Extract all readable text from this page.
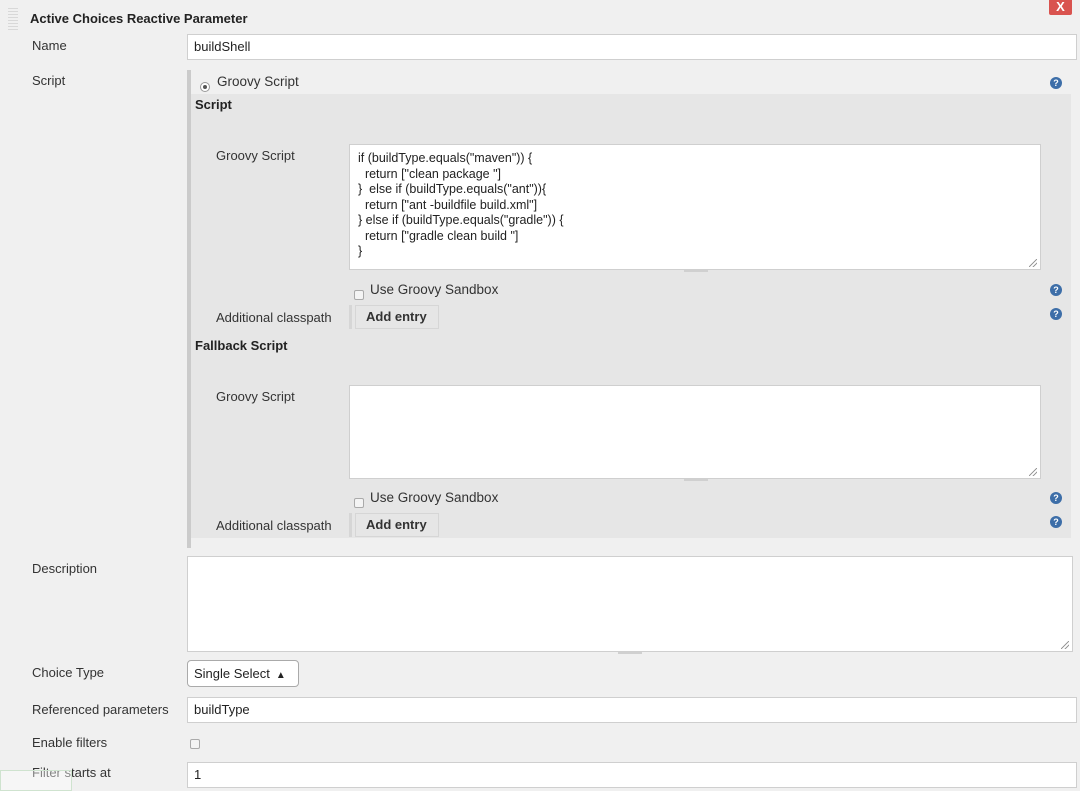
Active Choices Reactive Parameter
X
Name	buildShell
Script	Groovy Script	?
Script
Groovy Script	if (buildType.equals("maven")) {
return ["clean package "]
}  else if (buildType.equals("ant")){
return ["ant -buildfile build.xml"]
} else if (buildType.equals("gradle")) {
return ["gradle clean build "]
}
Use Groovy Sandbox	?
Additional classpath	Add entry	?
Fallback Script
Groovy Script
Use Groovy Sandbox	?
Additional classpath	Add entry	?
Description
Choice Type	Single Select ▲︎
Referenced parameters	buildType
Enable filters
Filter starts at	1
